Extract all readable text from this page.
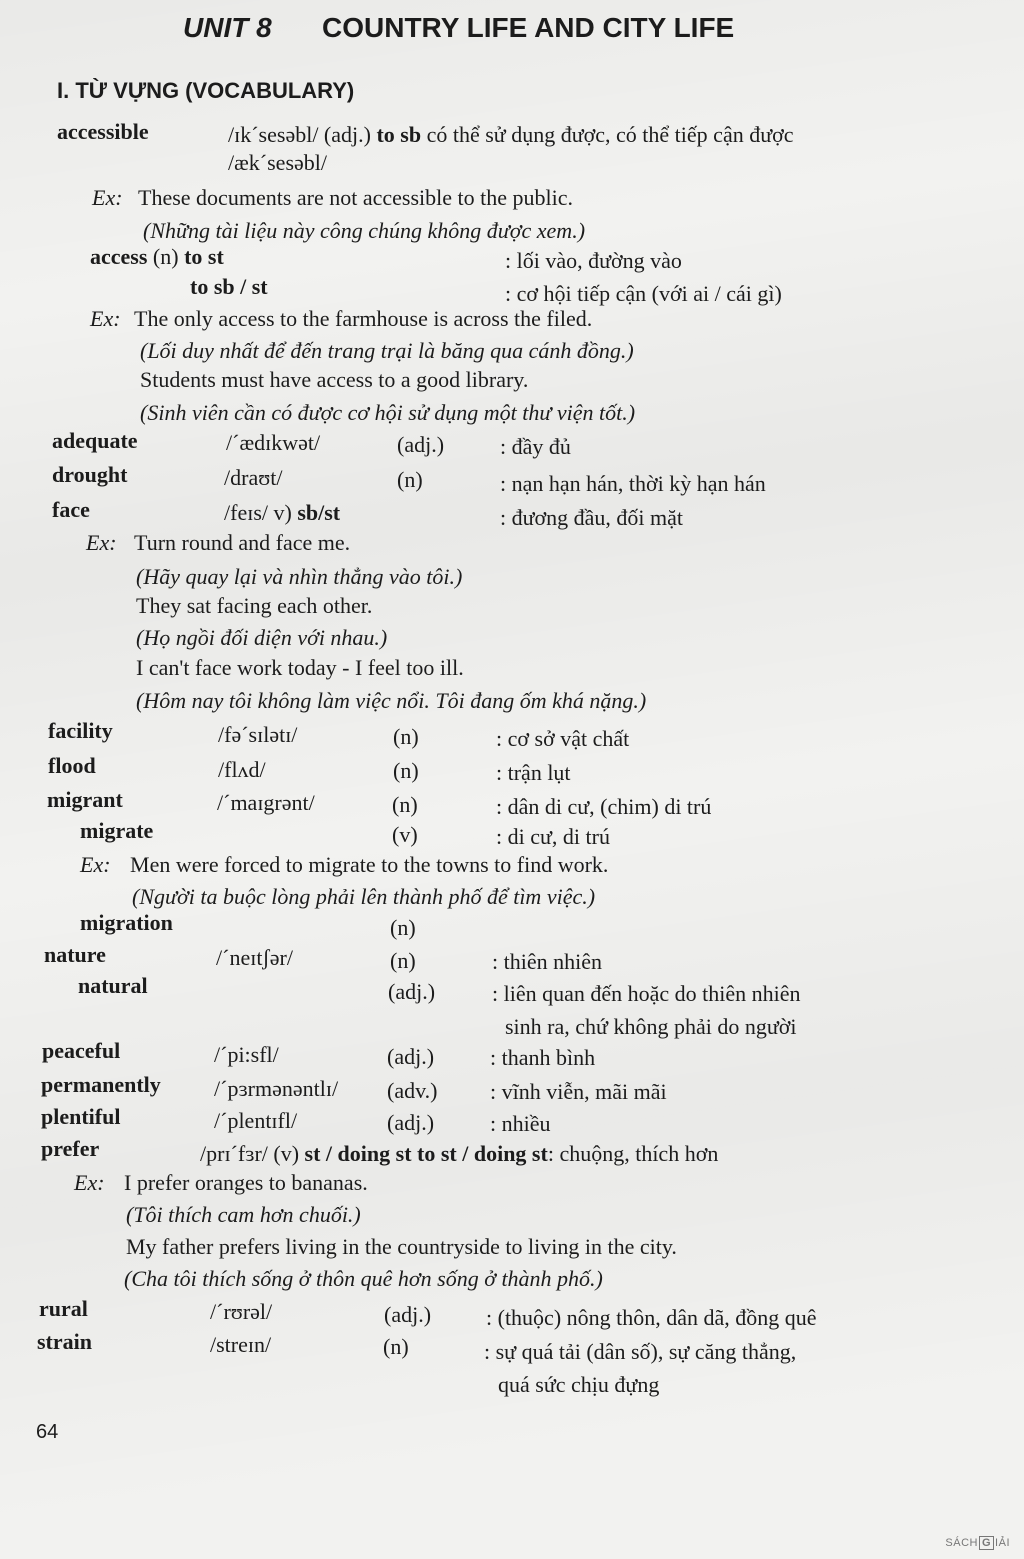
UNIT 8 COUNTRY LIFE AND CITY LIFE
I. TỪ VỰNG (VOCABULARY)
accessible	/ɪk´sesəbl/ (adj.) to sb có thể sử dụng được, có thể tiếp cận được
/æk´sesəbl/
Ex: These documents are not accessible to the public.
(Những tài liệu này công chúng không được xem.)
access (n) to st	: lối vào, đường vào
to sb / st	: cơ hội tiếp cận (với ai / cái gì)
Ex: The only access to the farmhouse is across the filed.
(Lối duy nhất để đến trang trại là băng qua cánh đồng.)
Students must have access to a good library.
(Sinh viên cần có được cơ hội sử dụng một thư viện tốt.)
adequate	/´ædɪkwət/	(adj.)	: đầy đủ
drought	/draʊt/	(n)	: nạn hạn hán, thời kỳ hạn hán
face	/feɪs/ v) sb/st	: đương đầu, đối mặt
Ex: Turn round and face me.
(Hãy quay lại và nhìn thẳng vào tôi.)
They sat facing each other.
(Họ ngồi đối diện với nhau.)
I can't face work today - I feel too ill.
(Hôm nay tôi không làm việc nổi. Tôi đang ốm khá nặng.)
facility	/fə´sɪlətɪ/	(n)	: cơ sở vật chất
flood	/flʌd/	(n)	: trận lụt
migrant	/´maɪgrənt/	(n)	: dân di cư, (chim) di trú
migrate	(v)	: di cư, di trú
Ex: Men were forced to migrate to the towns to find work.
(Người ta buộc lòng phải lên thành phố để tìm việc.)
migration	(n)
nature	/´neɪtʃər/	(n)	: thiên nhiên
natural	(adj.)	: liên quan đến hoặc do thiên nhiên
sinh ra, chứ không phải do người
peaceful	/´pi:sfl/	(adj.)	: thanh bình
permanently /´pɜrmənəntlɪ/ (adv.) : vĩnh viễn, mãi mãi
plentiful	/´plentɪfl/	(adj.)	: nhiều
prefer	/prɪ´fɜr/ (v) st / doing st to st / doing st: chuộng, thích hơn
Ex: I prefer oranges to bananas.
(Tôi thích cam hơn chuối.)
My father prefers living in the countryside to living in the city.
(Cha tôi thích sống ở thôn quê hơn sống ở thành phố.)
rural	/´rʊrəl/	(adj.) : (thuộc) nông thôn, dân dã, đồng quê
strain	/streɪn/	(n)	: sự quá tải (dân số), sự căng thẳng,
quá sức chịu đựng
64
SÁCH G IẢI
